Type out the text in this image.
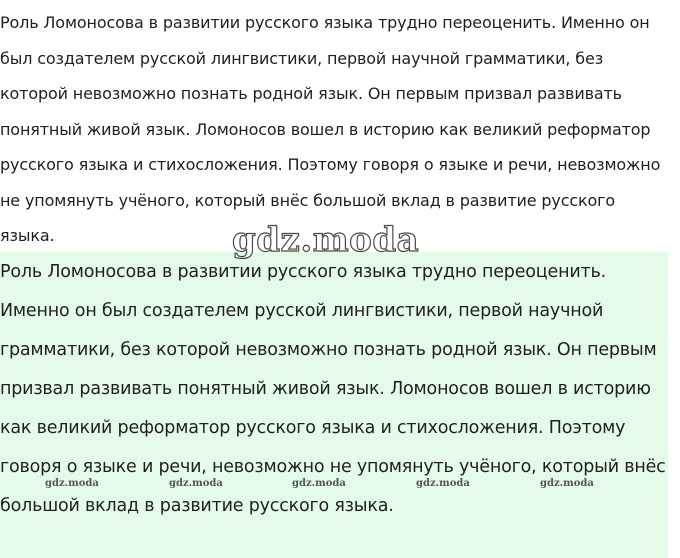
Роль Ломоносова в развитии русского языка трудно переоценить. Именно он
был создателем русской лингвистики, первой научной грамматики, без
которой невозможно познать родной язык. Он первым призвал развивать
понятный живой язык. Ломоносов вошел в историю как великий реформатор
русского языка и стихосложения. Поэтому говоря о языке и речи, невозможно
не упомянуть учёного, который внёс большой вклад в развитие русского
языка.

Роль Ломоносова в развитии русского языка трудно переоценить.
Именно он был создателем русской лингвистики, первой научной
грамматики, без которой невозможно познать родной язык. Он первым
призвал развивать понятный живой язык. Ломоносов вошел в историю
как великий реформатор русского языка и стихосложения. Поэтому
говоря о языке и речи, невозможно не упомянуть учёного, который внёс
большой вклад в развитие русского языка.

gdz.moda
gdz.moda	gdz.moda	gdz.moda	gdz.moda	gdz.moda
